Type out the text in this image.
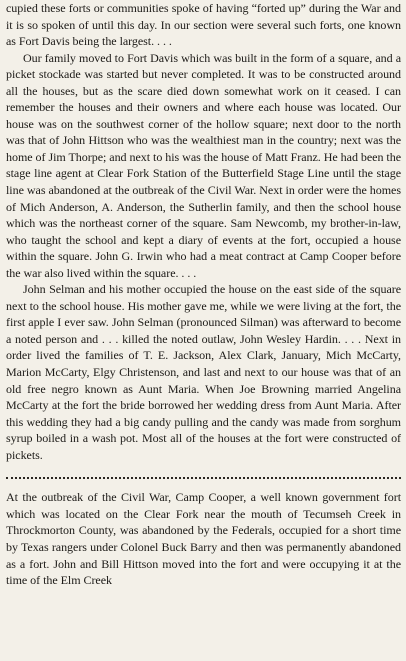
cupied these forts or communities spoke of having “forted up” during the War and it is so spoken of until this day. In our section were several such forts, one known as Fort Davis being the largest. . . .

Our family moved to Fort Davis which was built in the form of a square, and a picket stockade was started but never completed. It was to be constructed around all the houses, but as the scare died down somewhat work on it ceased. I can remember the houses and their owners and where each house was located. Our house was on the southwest corner of the hollow square; next door to the north was that of John Hittson who was the wealthiest man in the country; next was the home of Jim Thorpe; and next to his was the house of Matt Franz. He had been the stage line agent at Clear Fork Station of the Butterfield Stage Line until the stage line was abandoned at the outbreak of the Civil War. Next in order were the homes of Mich Anderson, A. Anderson, the Sutherlin family, and then the school house which was the northeast corner of the square. Sam Newcomb, my brother-in-law, who taught the school and kept a diary of events at the fort, occupied a house within the square. John G. Irwin who had a meat contract at Camp Cooper before the war also lived within the square. . . .

John Selman and his mother occupied the house on the east side of the square next to the school house. His mother gave me, while we were living at the fort, the first apple I ever saw. John Selman (pronounced Silman) was afterward to become a noted person and . . . killed the noted outlaw, John Wesley Hardin. . . . Next in order lived the families of T. E. Jackson, Alex Clark, January, Mich McCarty, Marion McCarty, Elgy Christenson, and last and next to our house was that of an old free negro known as Aunt Maria. When Joe Browning married Angelina McCarty at the fort the bride borrowed her wedding dress from Aunt Maria. After this wedding they had a big candy pulling and the candy was made from sorghum syrup boiled in a wash pot. Most all of the houses at the fort were constructed of pickets.

At the outbreak of the Civil War, Camp Cooper, a well known government fort which was located on the Clear Fork near the mouth of Tecumseh Creek in Throckmorton County, was abandoned by the Federals, occupied for a short time by Texas rangers under Colonel Buck Barry and then was permanently abandoned as a fort. John and Bill Hittson moved into the fort and were occupying it at the time of the Elm Creek
